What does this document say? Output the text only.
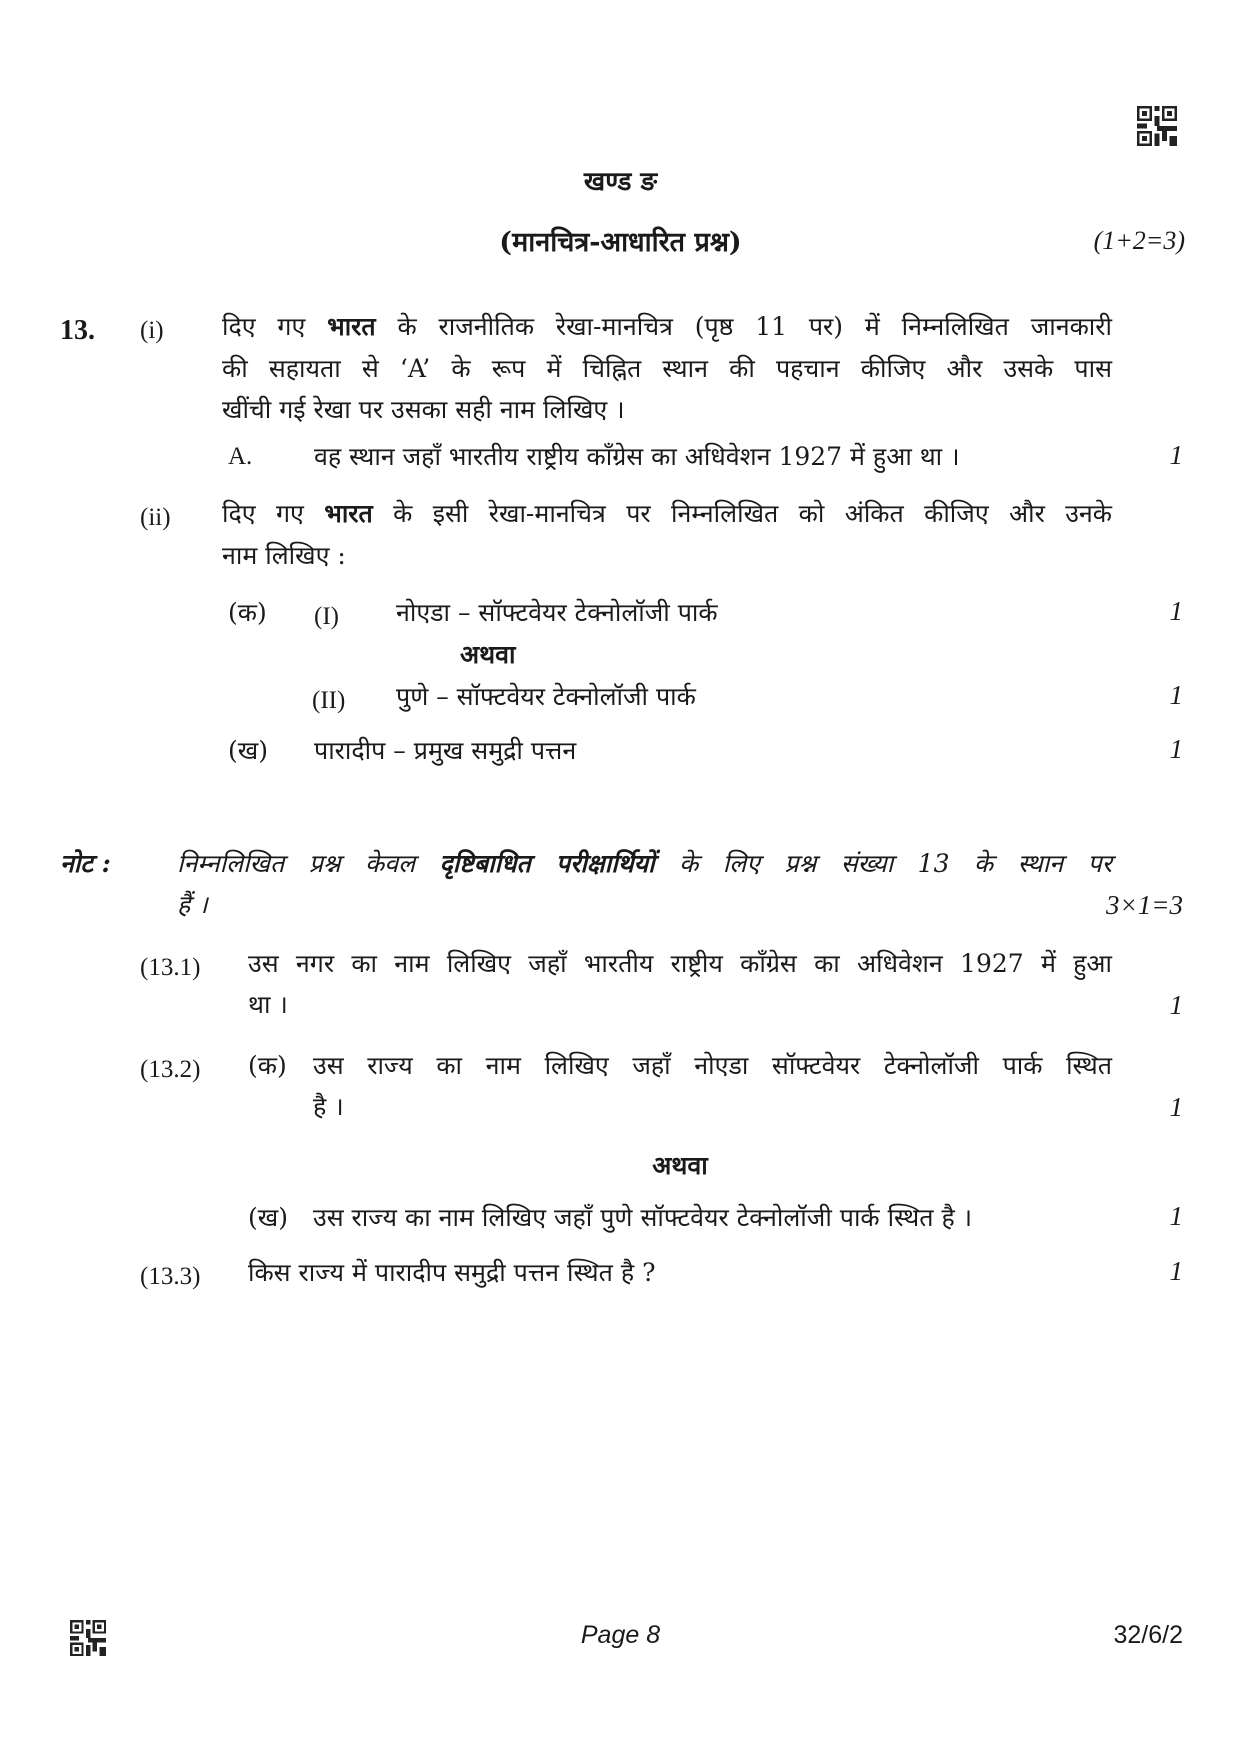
खण्ड ङ
(मानचित्र-आधारित प्रश्न)	(1+2=3)
13. (i) दिए गए भारत के राजनीतिक रेखा-मानचित्र (पृष्ठ 11 पर) में निम्नलिखित जानकारी
की सहायता से ‘A’ के रूप में चिह्नित स्थान की पहचान कीजिए और उसके पास
खींची गई रेखा पर उसका सही नाम लिखिए ।
A. वह स्थान जहाँ भारतीय राष्ट्रीय काँग्रेस का अधिवेशन 1927 में हुआ था ।	1
(ii) दिए गए भारत के इसी रेखा-मानचित्र पर निम्नलिखित को अंकित कीजिए और उनके
नाम लिखिए :
(क) (I) नोएडा – सॉफ्टवेयर टेक्नोलॉजी पार्क	1
अथवा
(II) पुणे – सॉफ्टवेयर टेक्नोलॉजी पार्क	1
(ख) पारादीप – प्रमुख समुद्री पत्तन	1
नोट :	निम्नलिखित प्रश्न केवल दृष्टिबाधित परीक्षार्थियों के लिए प्रश्न संख्या 13 के स्थान पर
हैं ।	3×1=3
(13.1) उस नगर का नाम लिखिए जहाँ भारतीय राष्ट्रीय काँग्रेस का अधिवेशन 1927 में हुआ
था ।	1
(13.2) (क) उस राज्य का नाम लिखिए जहाँ नोएडा सॉफ्टवेयर टेक्नोलॉजी पार्क स्थित
है ।	1
अथवा
(ख) उस राज्य का नाम लिखिए जहाँ पुणे सॉफ्टवेयर टेक्नोलॉजी पार्क स्थित है ।	1
(13.3) किस राज्य में पारादीप समुद्री पत्तन स्थित है ?	1
Page 8	32/6/2
